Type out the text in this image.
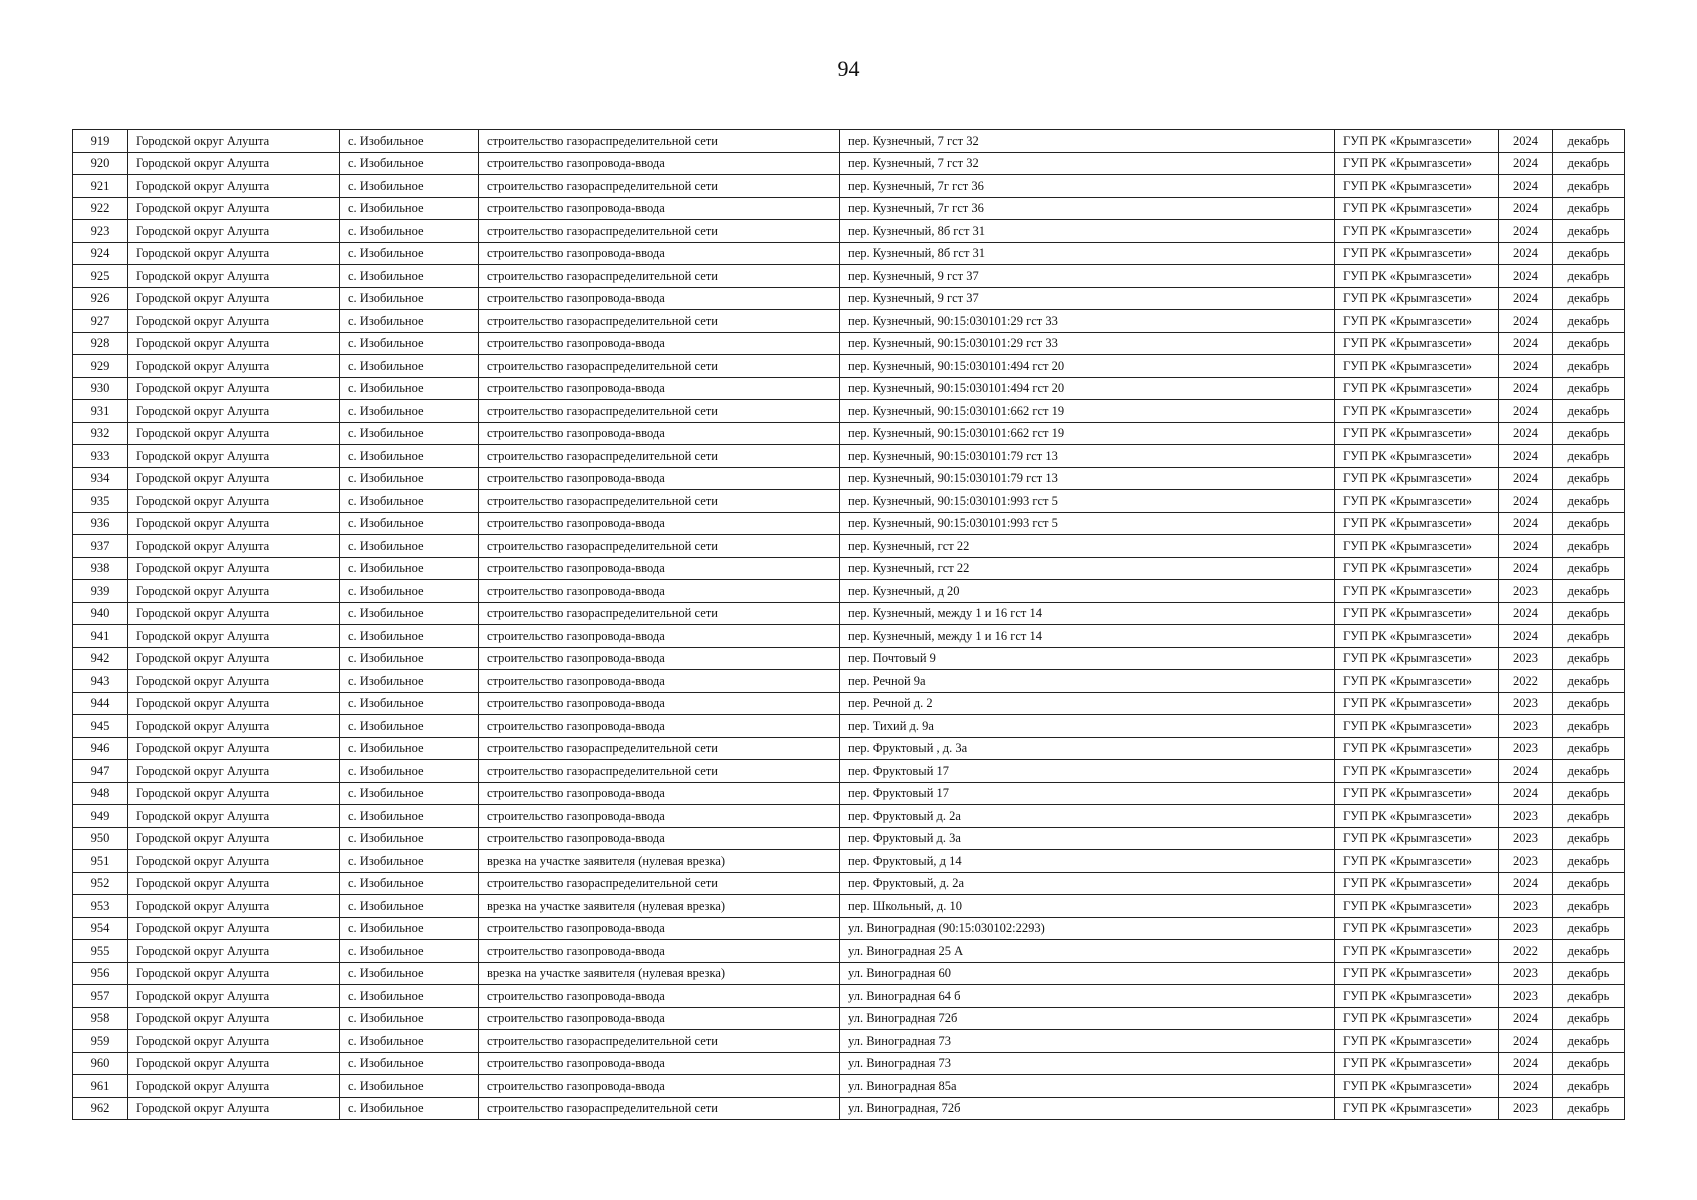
94
919	Городской округ Алушта	с. Изобильное	строительство газораспределительной сети	пер. Кузнечный, 7 гст 32	ГУП РК «Крымгазсети»	2024	декабрь
920	Городской округ Алушта	с. Изобильное	строительство газопровода-ввода	пер. Кузнечный, 7 гст 32	ГУП РК «Крымгазсети»	2024	декабрь
921	Городской округ Алушта	с. Изобильное	строительство газораспределительной сети	пер. Кузнечный, 7г гст 36	ГУП РК «Крымгазсети»	2024	декабрь
922	Городской округ Алушта	с. Изобильное	строительство газопровода-ввода	пер. Кузнечный, 7г гст 36	ГУП РК «Крымгазсети»	2024	декабрь
923	Городской округ Алушта	с. Изобильное	строительство газораспределительной сети	пер. Кузнечный, 8б гст 31	ГУП РК «Крымгазсети»	2024	декабрь
924	Городской округ Алушта	с. Изобильное	строительство газопровода-ввода	пер. Кузнечный, 8б гст 31	ГУП РК «Крымгазсети»	2024	декабрь
925	Городской округ Алушта	с. Изобильное	строительство газораспределительной сети	пер. Кузнечный, 9 гст 37	ГУП РК «Крымгазсети»	2024	декабрь
926	Городской округ Алушта	с. Изобильное	строительство газопровода-ввода	пер. Кузнечный, 9 гст 37	ГУП РК «Крымгазсети»	2024	декабрь
927	Городской округ Алушта	с. Изобильное	строительство газораспределительной сети	пер. Кузнечный, 90:15:030101:29 гст 33	ГУП РК «Крымгазсети»	2024	декабрь
928	Городской округ Алушта	с. Изобильное	строительство газопровода-ввода	пер. Кузнечный, 90:15:030101:29 гст 33	ГУП РК «Крымгазсети»	2024	декабрь
929	Городской округ Алушта	с. Изобильное	строительство газораспределительной сети	пер. Кузнечный, 90:15:030101:494 гст 20	ГУП РК «Крымгазсети»	2024	декабрь
930	Городской округ Алушта	с. Изобильное	строительство газопровода-ввода	пер. Кузнечный, 90:15:030101:494 гст 20	ГУП РК «Крымгазсети»	2024	декабрь
931	Городской округ Алушта	с. Изобильное	строительство газораспределительной сети	пер. Кузнечный, 90:15:030101:662 гст 19	ГУП РК «Крымгазсети»	2024	декабрь
932	Городской округ Алушта	с. Изобильное	строительство газопровода-ввода	пер. Кузнечный, 90:15:030101:662 гст 19	ГУП РК «Крымгазсети»	2024	декабрь
933	Городской округ Алушта	с. Изобильное	строительство газораспределительной сети	пер. Кузнечный, 90:15:030101:79 гст 13	ГУП РК «Крымгазсети»	2024	декабрь
934	Городской округ Алушта	с. Изобильное	строительство газопровода-ввода	пер. Кузнечный, 90:15:030101:79 гст 13	ГУП РК «Крымгазсети»	2024	декабрь
935	Городской округ Алушта	с. Изобильное	строительство газораспределительной сети	пер. Кузнечный, 90:15:030101:993 гст 5	ГУП РК «Крымгазсети»	2024	декабрь
936	Городской округ Алушта	с. Изобильное	строительство газопровода-ввода	пер. Кузнечный, 90:15:030101:993 гст 5	ГУП РК «Крымгазсети»	2024	декабрь
937	Городской округ Алушта	с. Изобильное	строительство газораспределительной сети	пер. Кузнечный, гст 22	ГУП РК «Крымгазсети»	2024	декабрь
938	Городской округ Алушта	с. Изобильное	строительство газопровода-ввода	пер. Кузнечный, гст 22	ГУП РК «Крымгазсети»	2024	декабрь
939	Городской округ Алушта	с. Изобильное	строительство газопровода-ввода	пер. Кузнечный, д 20	ГУП РК «Крымгазсети»	2023	декабрь
940	Городской округ Алушта	с. Изобильное	строительство газораспределительной сети	пер. Кузнечный, между 1 и 16 гст 14	ГУП РК «Крымгазсети»	2024	декабрь
941	Городской округ Алушта	с. Изобильное	строительство газопровода-ввода	пер. Кузнечный, между 1 и 16 гст 14	ГУП РК «Крымгазсети»	2024	декабрь
942	Городской округ Алушта	с. Изобильное	строительство газопровода-ввода	пер. Почтовый 9	ГУП РК «Крымгазсети»	2023	декабрь
943	Городской округ Алушта	с. Изобильное	строительство газопровода-ввода	пер. Речной 9а	ГУП РК «Крымгазсети»	2022	декабрь
944	Городской округ Алушта	с. Изобильное	строительство газопровода-ввода	пер. Речной д. 2	ГУП РК «Крымгазсети»	2023	декабрь
945	Городской округ Алушта	с. Изобильное	строительство газопровода-ввода	пер. Тихий д. 9а	ГУП РК «Крымгазсети»	2023	декабрь
946	Городской округ Алушта	с. Изобильное	строительство газораспределительной сети	пер. Фруктовый , д. 3а	ГУП РК «Крымгазсети»	2023	декабрь
947	Городской округ Алушта	с. Изобильное	строительство газораспределительной сети	пер. Фруктовый 17	ГУП РК «Крымгазсети»	2024	декабрь
948	Городской округ Алушта	с. Изобильное	строительство газопровода-ввода	пер. Фруктовый 17	ГУП РК «Крымгазсети»	2024	декабрь
949	Городской округ Алушта	с. Изобильное	строительство газопровода-ввода	пер. Фруктовый д. 2а	ГУП РК «Крымгазсети»	2023	декабрь
950	Городской округ Алушта	с. Изобильное	строительство газопровода-ввода	пер. Фруктовый д. 3а	ГУП РК «Крымгазсети»	2023	декабрь
951	Городской округ Алушта	с. Изобильное	врезка на участке заявителя (нулевая врезка)	пер. Фруктовый, д 14	ГУП РК «Крымгазсети»	2023	декабрь
952	Городской округ Алушта	с. Изобильное	строительство газораспределительной сети	пер. Фруктовый, д. 2а	ГУП РК «Крымгазсети»	2024	декабрь
953	Городской округ Алушта	с. Изобильное	врезка на участке заявителя (нулевая врезка)	пер. Школьный, д. 10	ГУП РК «Крымгазсети»	2023	декабрь
954	Городской округ Алушта	с. Изобильное	строительство газопровода-ввода	ул. Виноградная (90:15:030102:2293)	ГУП РК «Крымгазсети»	2023	декабрь
955	Городской округ Алушта	с. Изобильное	строительство газопровода-ввода	ул. Виноградная 25 А	ГУП РК «Крымгазсети»	2022	декабрь
956	Городской округ Алушта	с. Изобильное	врезка на участке заявителя (нулевая врезка)	ул. Виноградная 60	ГУП РК «Крымгазсети»	2023	декабрь
957	Городской округ Алушта	с. Изобильное	строительство газопровода-ввода	ул. Виноградная 64 б	ГУП РК «Крымгазсети»	2023	декабрь
958	Городской округ Алушта	с. Изобильное	строительство газопровода-ввода	ул. Виноградная 72б	ГУП РК «Крымгазсети»	2024	декабрь
959	Городской округ Алушта	с. Изобильное	строительство газораспределительной сети	ул. Виноградная 73	ГУП РК «Крымгазсети»	2024	декабрь
960	Городской округ Алушта	с. Изобильное	строительство газопровода-ввода	ул. Виноградная 73	ГУП РК «Крымгазсети»	2024	декабрь
961	Городской округ Алушта	с. Изобильное	строительство газопровода-ввода	ул. Виноградная 85а	ГУП РК «Крымгазсети»	2024	декабрь
962	Городской округ Алушта	с. Изобильное	строительство газораспределительной сети	ул. Виноградная, 72б	ГУП РК «Крымгазсети»	2023	декабрь
